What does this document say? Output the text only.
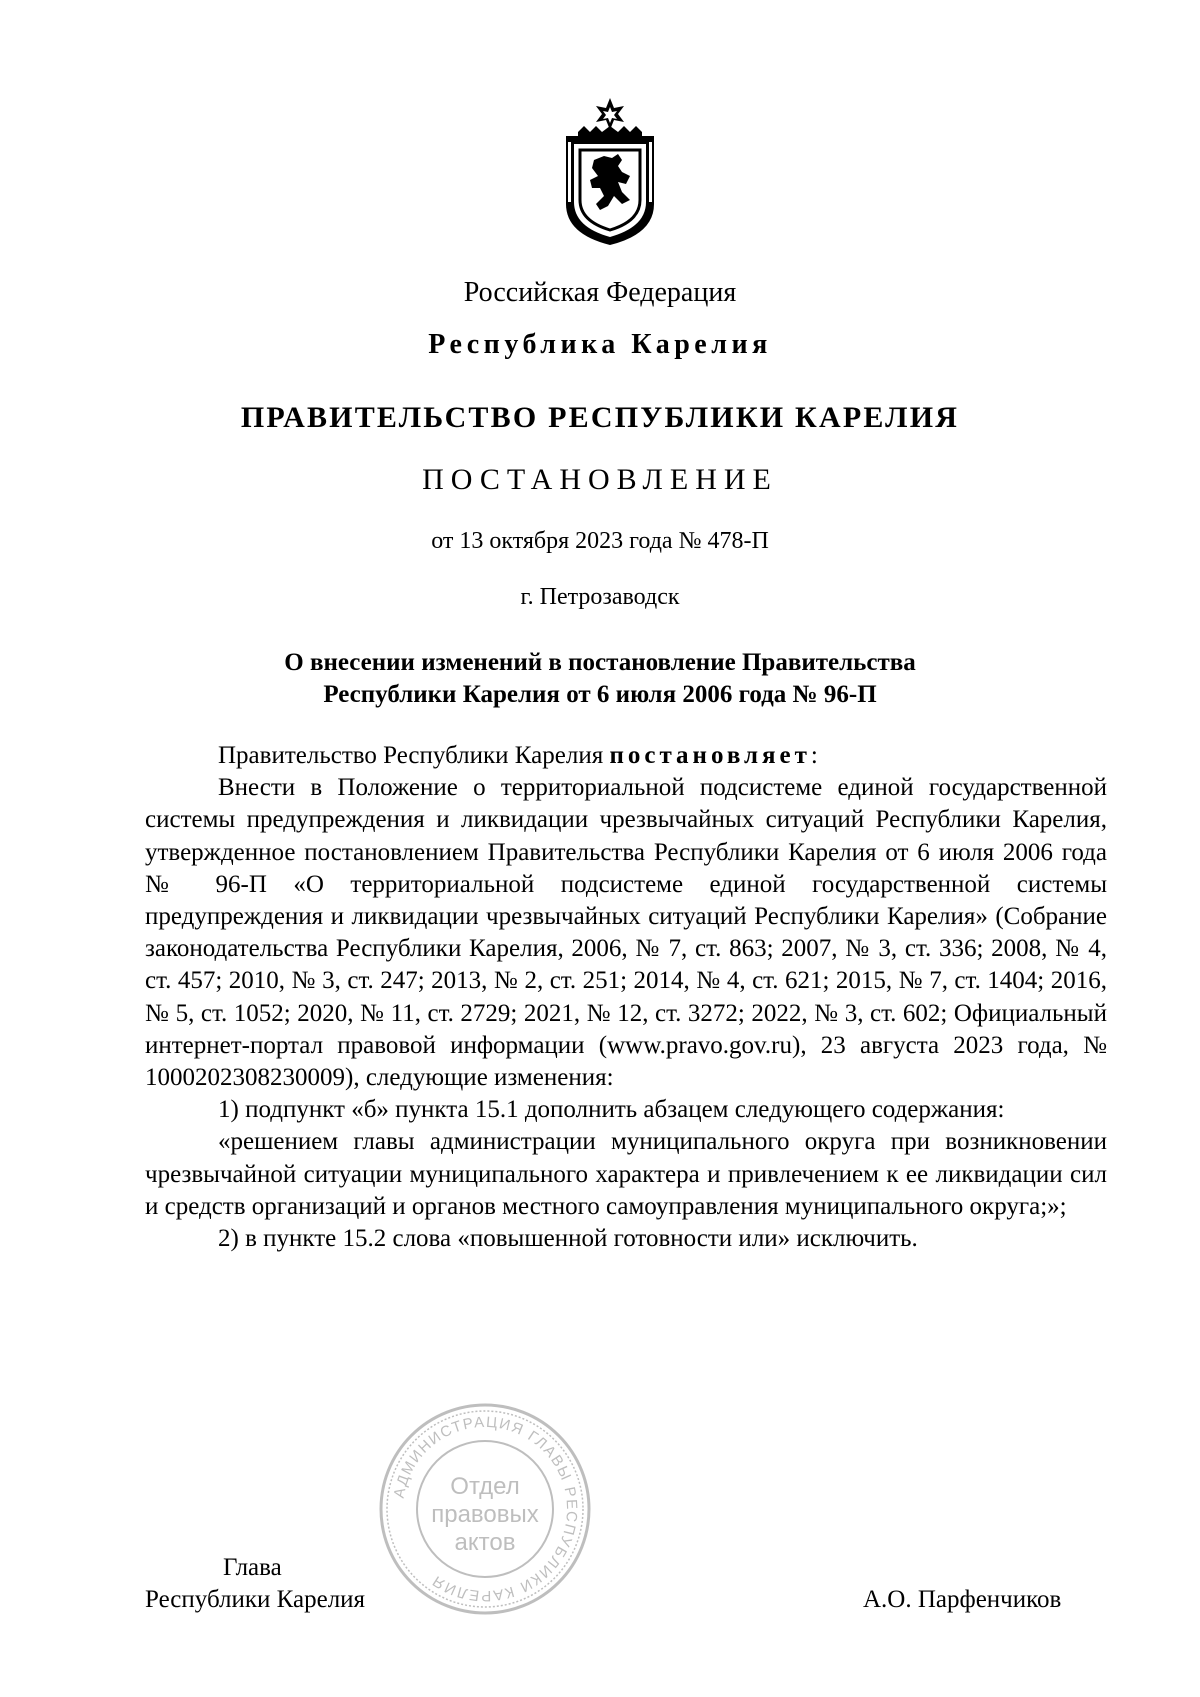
Российская Федерация
Республика Карелия
ПРАВИТЕЛЬСТВО РЕСПУБЛИКИ КАРЕЛИЯ
ПОСТАНОВЛЕНИЕ
от 13 октября 2023 года № 478-П
г. Петрозаводск
О внесении изменений в постановление Правительства
Республики Карелия от 6 июля 2006 года № 96-П

Правительство Республики Карелия постановляет:

Внести в Положение о территориальной подсистеме единой государственной системы предупреждения и ликвидации чрезвычайных ситуаций Республики Карелия, утвержденное постановлением Правительства Республики Карелия от 6 июля 2006 года № 96-П «О территориальной подсистеме единой государственной системы предупреждения и ликвидации чрезвычайных ситуаций Республики Карелия» (Собрание законодательства Республики Карелия, 2006, № 7, ст. 863; 2007, № 3, ст. 336; 2008, № 4, ст. 457; 2010, № 3, ст. 247; 2013, № 2, ст. 251; 2014, № 4, ст. 621; 2015, № 7, ст. 1404; 2016, № 5, ст. 1052; 2020, № 11, ст. 2729; 2021, № 12, ст. 3272; 2022, № 3, ст. 602; Официальный интернет-портал правовой информации (www.pravo.gov.ru), 23 августа 2023 года, № 1000202308230009), следующие изменения:

1) подпункт «б» пункта 15.1 дополнить абзацем следующего содержания:

«решением главы администрации муниципального округа при возникновении чрезвычайной ситуации муниципального характера и привлечением к ее ликвидации сил и средств организаций и органов местного самоуправления муниципального округа;»;

2) в пункте 15.2 слова «повышенной готовности или» исключить.

Глава
Республики Карелия	А.О. Парфенчиков
АДМИНИСТРАЦИЯ ГЛАВЫ РЕСПУБЛИКИ КАРЕЛИЯ
Отдел
правовых
актов
